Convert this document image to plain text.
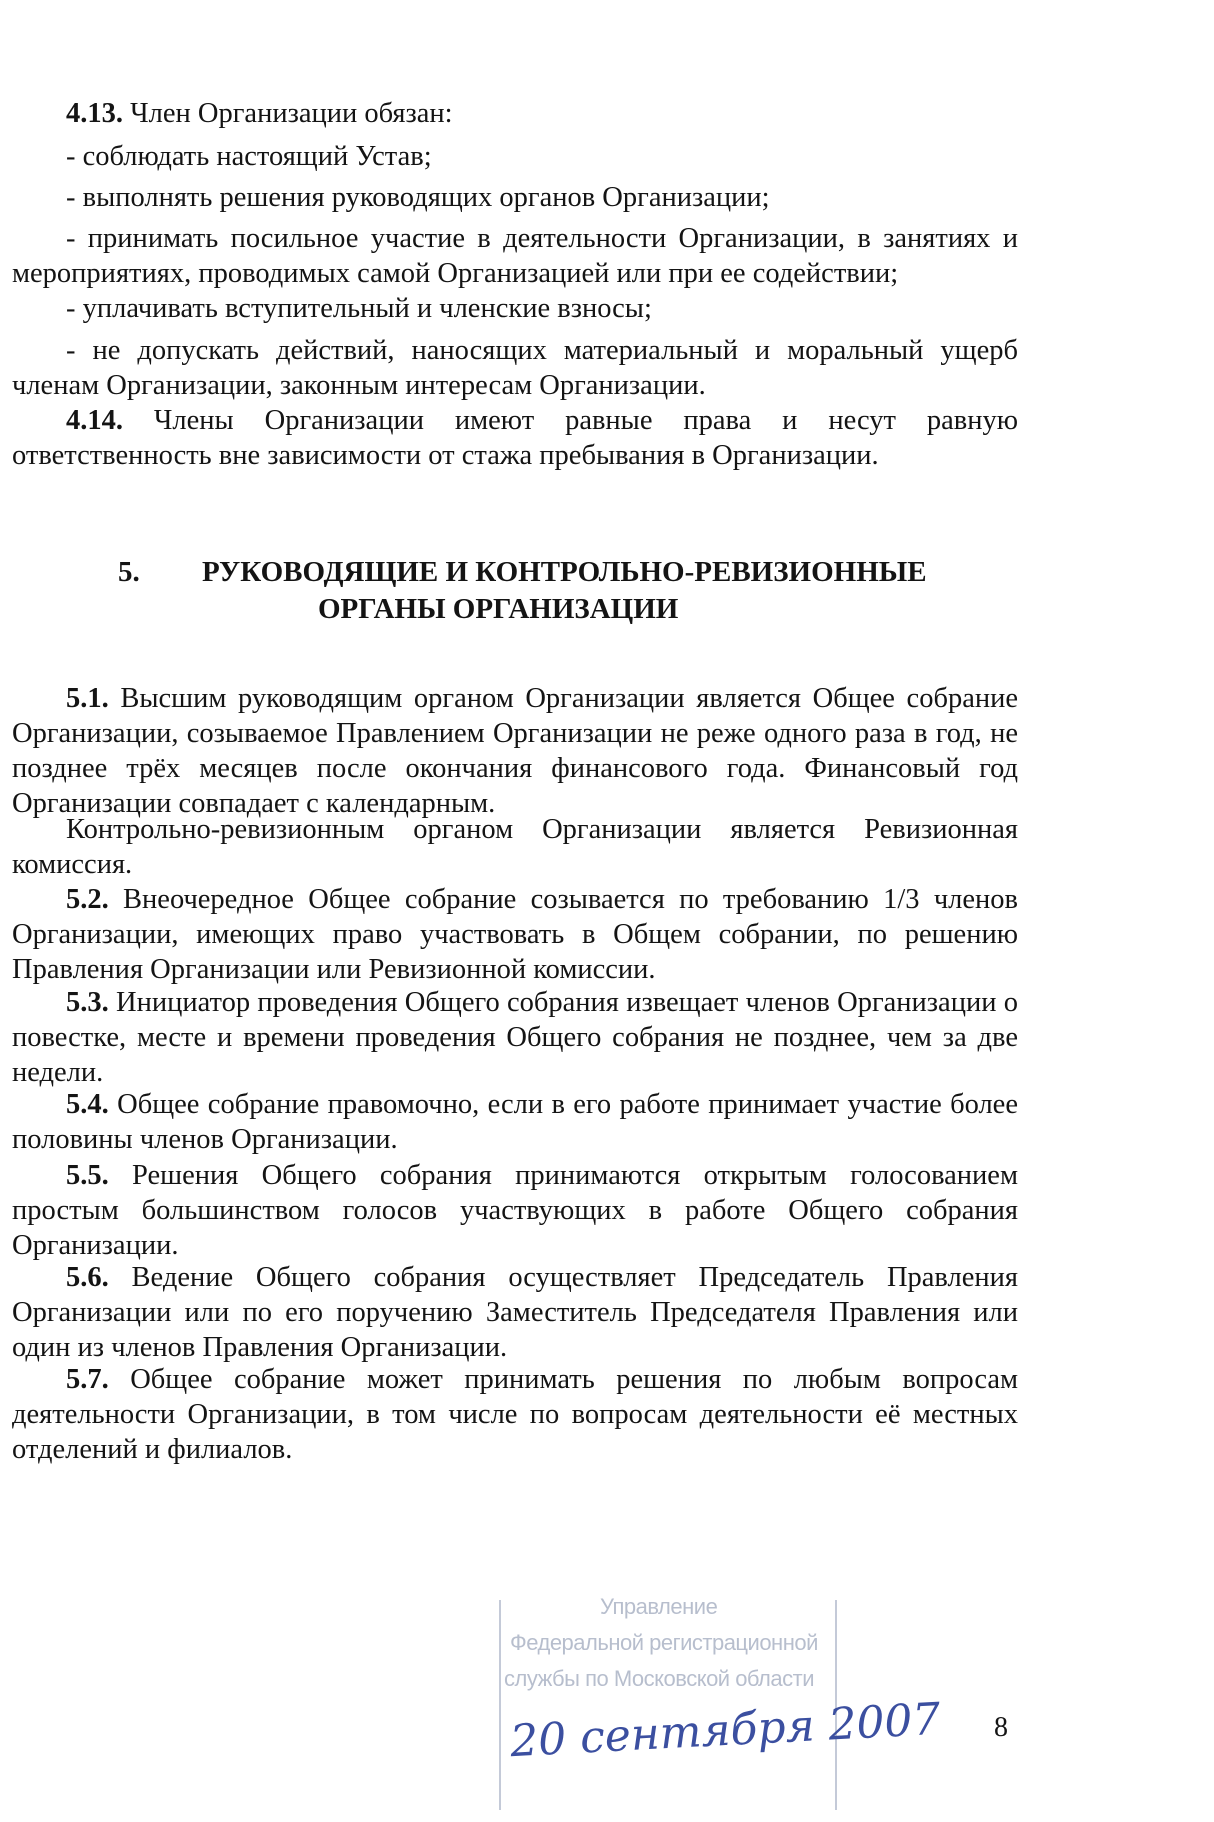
4.13. Член Организации обязан:

- соблюдать настоящий Устав;

- выполнять решения руководящих органов Организации;

- принимать посильное участие в деятельности Организации, в занятиях и мероприятиях, проводимых самой Организацией или при ее содействии;

- уплачивать вступительный и членские взносы;

- не допускать действий, наносящих материальный и моральный ущерб членам Организации, законным интересам Организации.

4.14. Члены Организации имеют равные права и несут равную ответственность вне зависимости от стажа пребывания в Организации.

5. РУКОВОДЯЩИЕ И КОНТРОЛЬНО-РЕВИЗИОННЫЕ
ОРГАНЫ ОРГАНИЗАЦИИ

5.1. Высшим руководящим органом Организации является Общее собрание Организации, созываемое Правлением Организации не реже одного раза в год, не позднее трёх месяцев после окончания финансового года. Финансовый год Организации совпадает с календарным.

Контрольно-ревизионным органом Организации является Ревизионная комиссия.

5.2. Внеочередное Общее собрание созывается по требованию 1/3 членов Организации, имеющих право участвовать в Общем собрании, по решению Правления Организации или Ревизионной комиссии.

5.3. Инициатор проведения Общего собрания извещает членов Организации о повестке, месте и времени проведения Общего собрания не позднее, чем за две недели.

5.4. Общее собрание правомочно, если в его работе принимает участие более половины членов Организации.

5.5. Решения Общего собрания принимаются открытым голосованием простым большинством голосов участвующих в работе Общего собрания Организации.

5.6. Ведение Общего собрания осуществляет Председатель Правления Организации или по его поручению Заместитель Председателя Правления или один из членов Правления Организации.

5.7. Общее собрание может принимать решения по любым вопросам деятельности Организации, в том числе по вопросам деятельности её местных отделений и филиалов.

Управление
Федеральной регистрационной
службы по Московской области
20 сентября 2007 8
